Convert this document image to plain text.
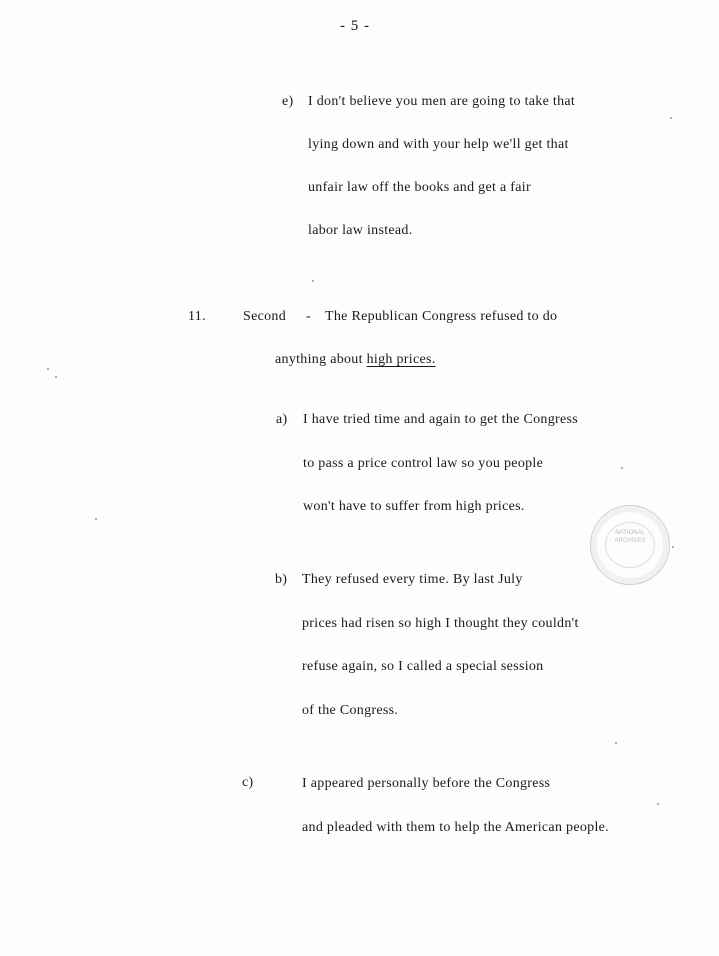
- 5 -
e) I don't believe you men are going to take that
lying down and with your help we'll get that
unfair law off the books and get a fair
labor law instead.
11.	Second - The Republican Congress refused to do
anything about high prices.
a) I have tried time and again to get the Congress
to pass a price control law so you people
won't have to suffer from high prices.
NATIONAL ARCHIVES
b) They refused every time. By last July
prices had risen so high I thought they couldn't
refuse again, so I called a special session
of the Congress.
c)	I appeared personally before the Congress
and pleaded with them to help the American people.
